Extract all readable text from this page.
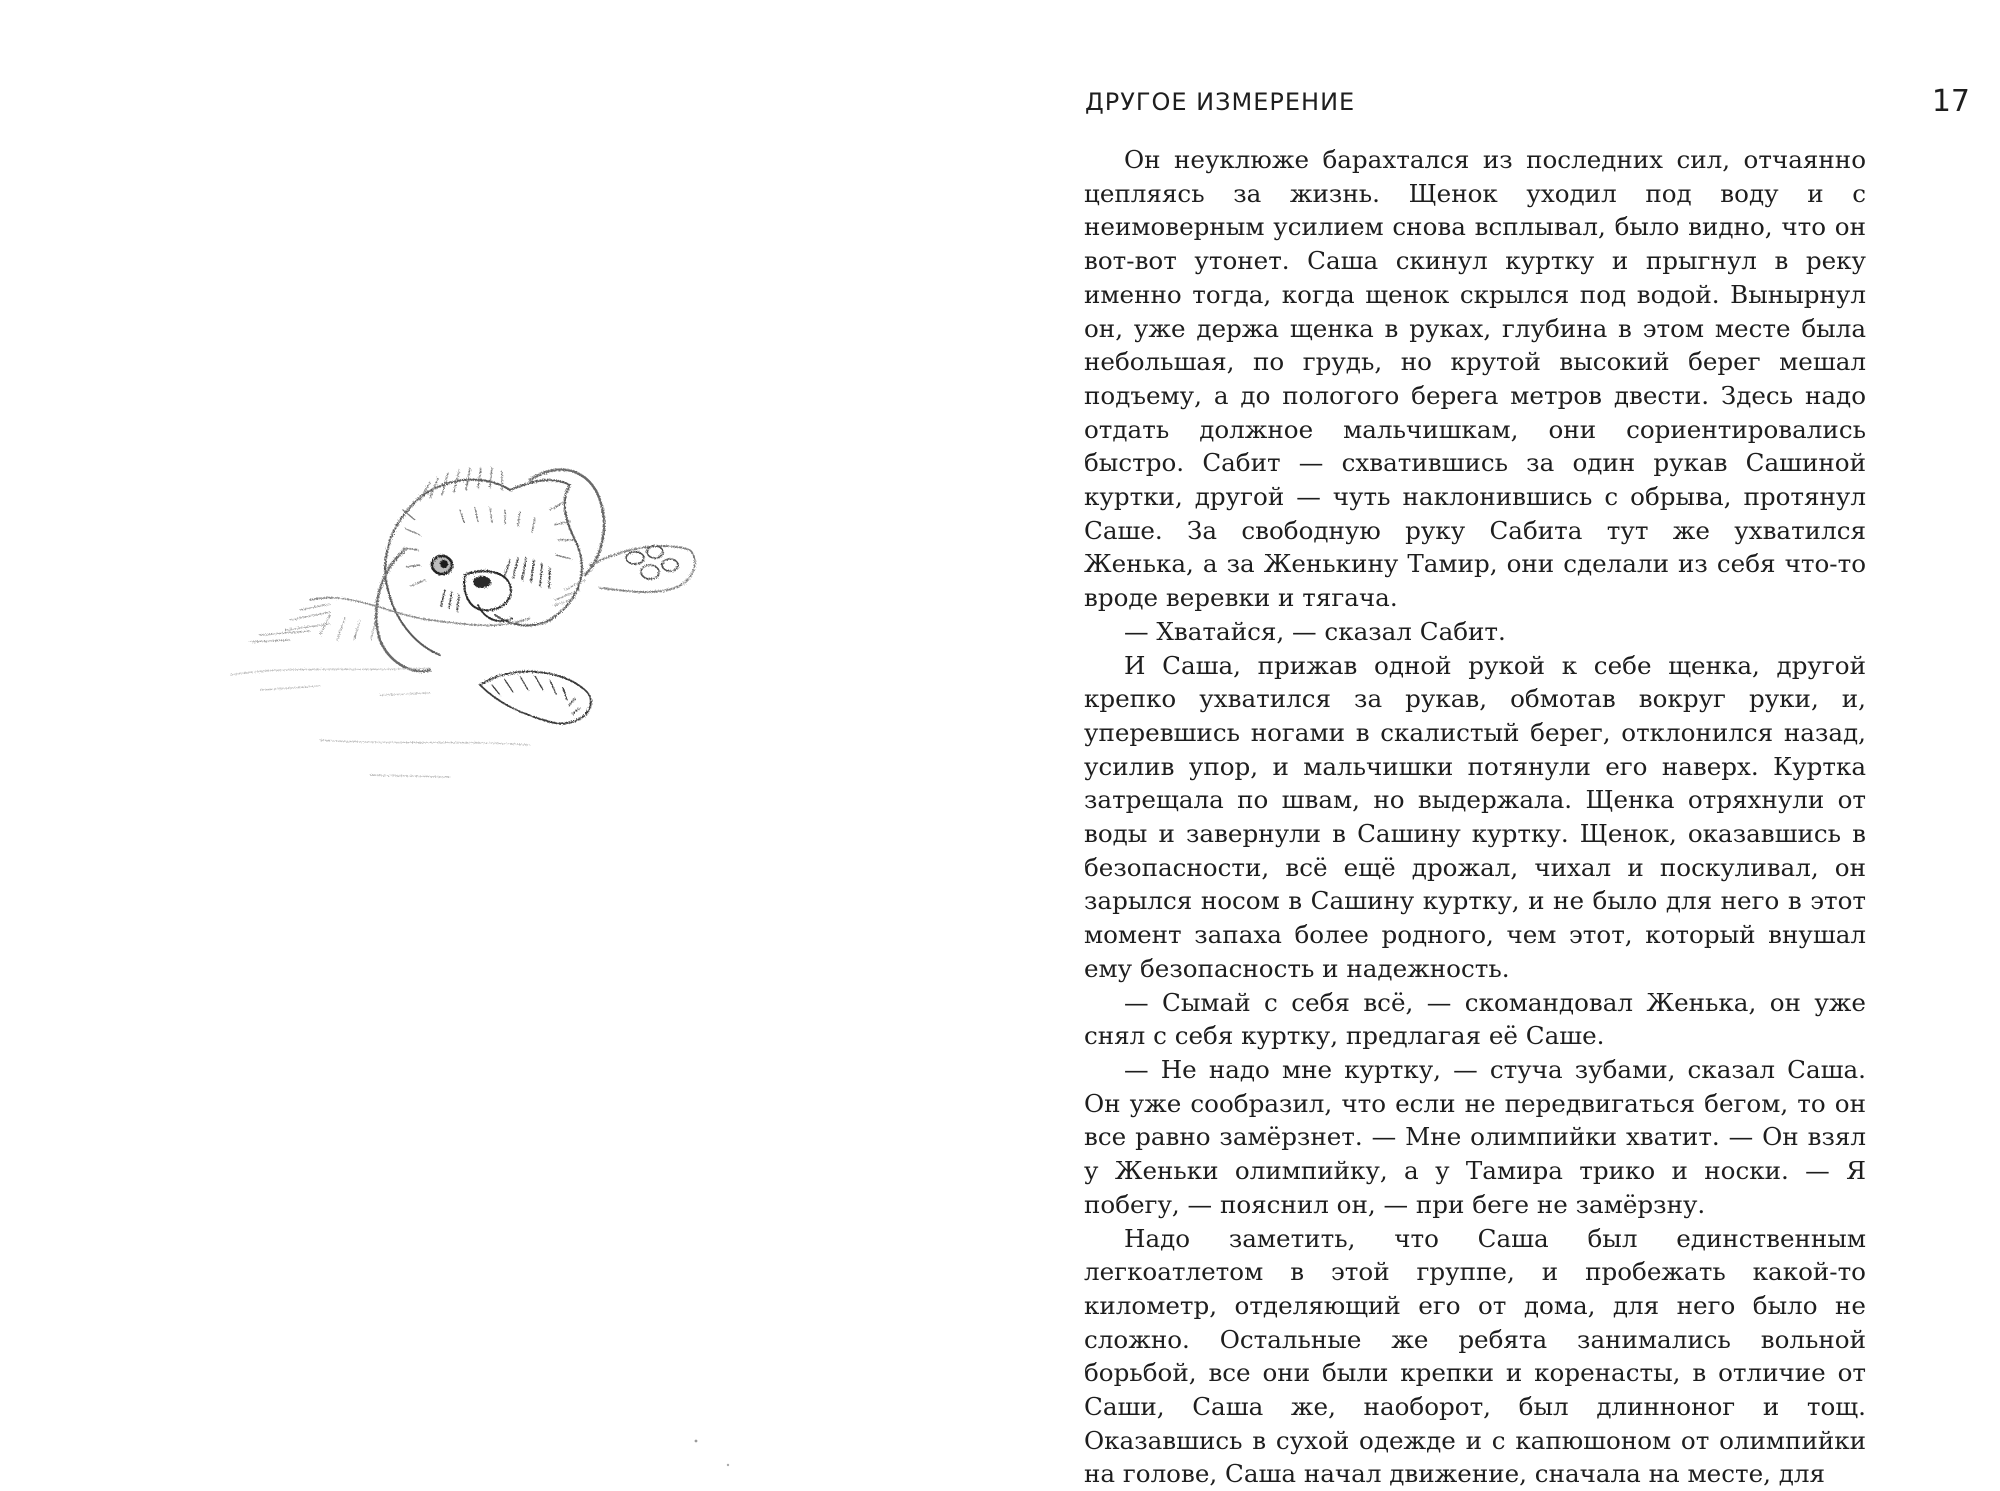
ДРУГОЕ ИЗМЕРЕНИЕ	17

Он неуклюже барахтался из последних сил, отчаянно цепляясь за жизнь. Щенок уходил под воду и с неимоверным усилием снова всплывал, было видно, что он вот-вот утонет. Саша скинул куртку и прыгнул в реку именно тогда, когда щенок скрылся под водой. Вынырнул он, уже держа щенка в руках, глубина в этом месте была небольшая, по грудь, но крутой высокий берег мешал подъему, а до пологого берега метров двести. Здесь надо отдать должное мальчишкам, они сориентировались быстро. Сабит — схватившись за один рукав Сашиной куртки, другой — чуть наклонившись с обрыва, протянул Саше. За свободную руку Сабита тут же ухватился Женька, а за Женькину Тамир, они сделали из себя что-то вроде веревки и тягача.

— Хватайся, — сказал Сабит.

И Саша, прижав одной рукой к себе щенка, другой крепко ухватился за рукав, обмотав вокруг руки, и, уперевшись ногами в скалистый берег, отклонился назад, усилив упор, и мальчишки потянули его наверх. Куртка затрещала по швам, но выдержала. Щенка отряхнули от воды и завернули в Сашину куртку. Щенок, оказавшись в безопасности, всё ещё дрожал, чихал и поскуливал, он зарылся носом в Сашину куртку, и не было для него в этот момент запаха более родного, чем этот, который внушал ему безопасность и надежность.

— Сымай с себя всё, — скомандовал Женька, он уже снял с себя куртку, предлагая её Саше.

— Не надо мне куртку, — стуча зубами, сказал Саша. Он уже сообразил, что если не передвигаться бегом, то он все равно замёрзнет. — Мне олимпийки хватит. — Он взял у Женьки олимпийку, а у Тамира трико и носки. — Я побегу, — пояснил он, — при беге не замёрзну.

Надо заметить, что Саша был единственным легкоатлетом в этой группе, и пробежать какой-то километр, отделяющий его от дома, для него было не сложно. Остальные же ребята занимались вольной борьбой, все они были крепки и коренасты, в отличие от Саши, Саша же, наоборот, был длинноног и тощ. Оказавшись в сухой одежде и с капюшоном от олимпийки на голове, Саша начал движение, сначала на месте, для
